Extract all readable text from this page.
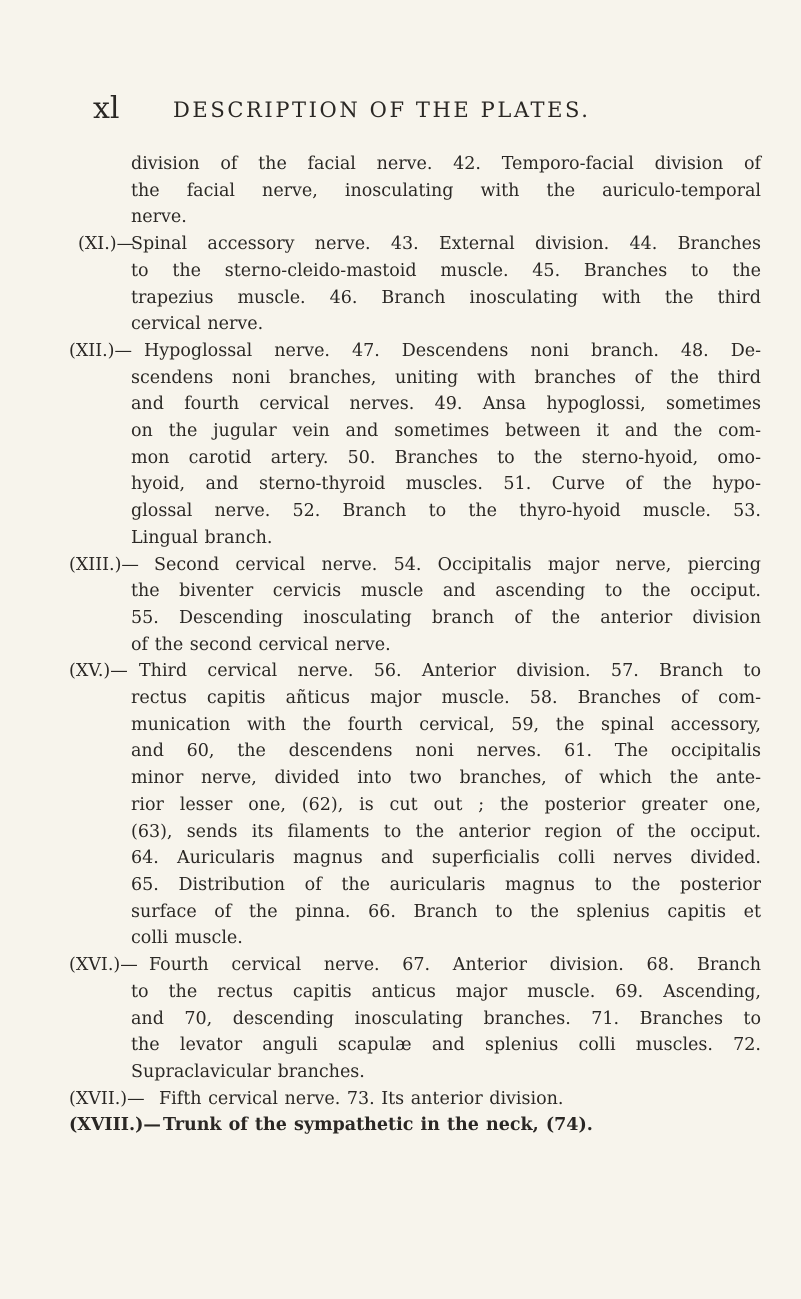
xl	DESCRIPTION OF THE PLATES.
division of the facial nerve. 42. Temporo-facial division of
the facial nerve, inosculating with the auriculo-temporal
nerve.
(XI.)—
Spinal accessory nerve. 43. External division. 44. Branches
to the sterno-cleido-mastoid muscle. 45. Branches to the
trapezius muscle. 46. Branch inosculating with the third
cervical nerve.
(XII.)— Hypoglossal nerve. 47. Descendens noni branch. 48. De-
scendens noni branches, uniting with branches of the third
and fourth cervical nerves. 49. Ansa hypoglossi, sometimes
on the jugular vein and sometimes between it and the com-
mon carotid artery. 50. Branches to the sterno-hyoid, omo-
hyoid, and sterno-thyroid muscles. 51. Curve of the hypo-
glossal nerve. 52. Branch to the thyro-hyoid muscle. 53.
Lingual branch.
(XIII.)— Second cervical nerve. 54. Occipitalis major nerve, piercing
the biventer cervicis muscle and ascending to the occiput.
55. Descending inosculating branch of the anterior division
of the second cervical nerve.
(XV.)— Third cervical nerve. 56. Anterior division. 57. Branch to
rectus capitis añticus major muscle. 58. Branches of com-
munication with the fourth cervical, 59, the spinal accessory,
and 60, the descendens noni nerves. 61. The occipitalis
minor nerve, divided into two branches, of which the ante-
rior lesser one, (62), is cut out ; the posterior greater one,
(63), sends its filaments to the anterior region of the occiput.
64. Auricularis magnus and superficialis colli nerves divided.
65. Distribution of the auricularis magnus to the posterior
surface of the pinna. 66. Branch to the splenius capitis et
colli muscle.
(XVI.)— Fourth cervical nerve. 67. Anterior division. 68. Branch
to the rectus capitis anticus major muscle. 69. Ascending,
and 70, descending inosculating branches. 71. Branches to
the levator anguli scapulæ and splenius colli muscles. 72.
Supraclavicular branches.
(XVII.)— Fifth cervical nerve. 73. Its anterior division.
(XVIII.)— Trunk of the sympathetic in the neck, (74).
